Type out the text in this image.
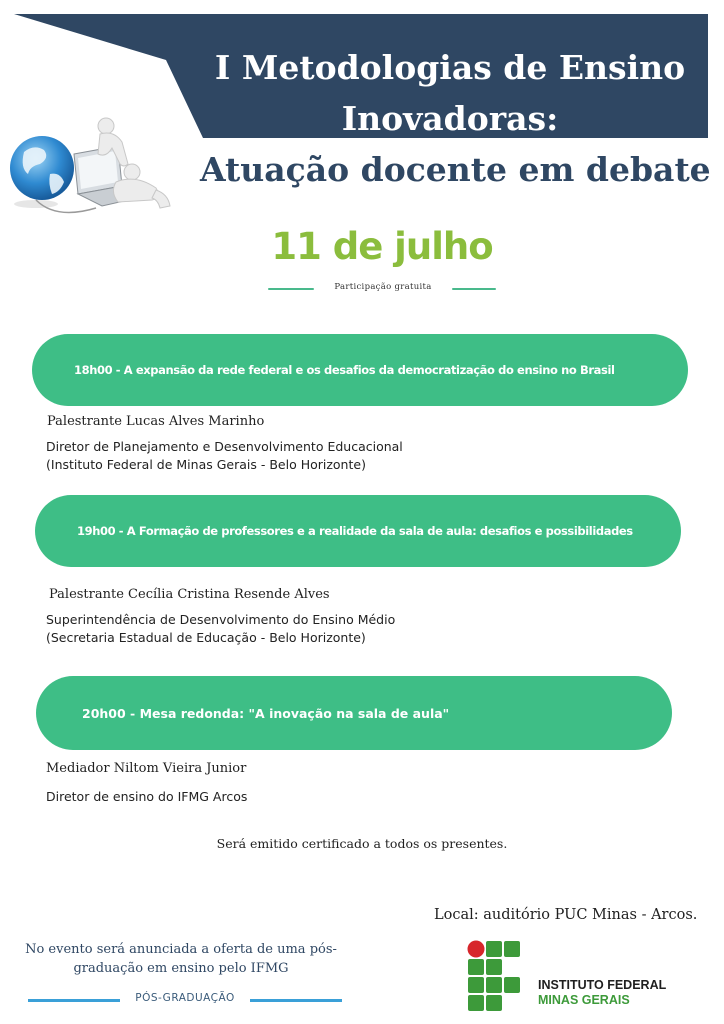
I Metodologias de Ensino
Inovadoras:
Atuação docente em debate
11 de julho
Participação gratuita
18h00 - A expansão da rede federal e os desafios da democratização do ensino no Brasil
Palestrante Lucas Alves Marinho
Diretor de Planejamento e Desenvolvimento Educacional
(Instituto Federal de Minas Gerais - Belo Horizonte)
19h00 - A Formação de professores e a realidade da sala de aula: desafios e possibilidades
Palestrante Cecília Cristina Resende Alves
Superintendência de Desenvolvimento do Ensino Médio
(Secretaria Estadual de Educação - Belo Horizonte)
20h00 - Mesa redonda: "A inovação na sala de aula"
Mediador Niltom Vieira Junior
Diretor de ensino do IFMG Arcos
Será emitido certificado a todos os presentes.
Local: auditório PUC Minas - Arcos.
No evento será anunciada a oferta de uma pós-graduação em ensino pelo IFMG
PÓS-GRADUAÇÃO
INSTITUTO FEDERAL
MINAS GERAIS
